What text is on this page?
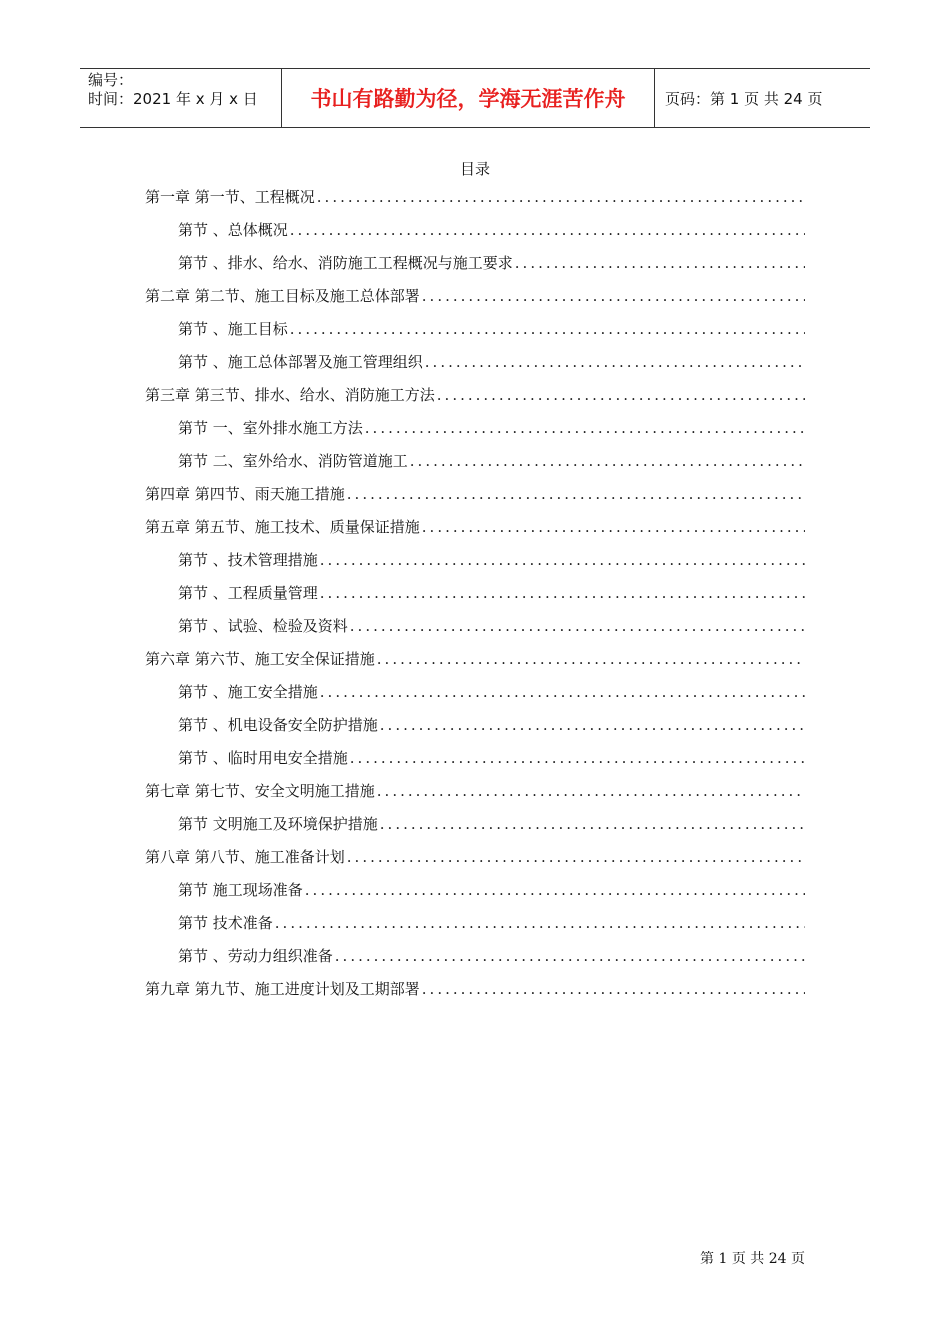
编号：
时间：2021 年 x 月 x 日	书山有路勤为径，学海无涯苦作舟	页码：第 1 页 共 24 页
目录
第一章 第一节、工程概况
.....
第节 、总体概况
.....
第节 、排水、给水、消防施工工程概况与施工要求
.....
第二章 第二节、施工目标及施工总体部署
.....
第节 、施工目标
.....
第节 、施工总体部署及施工管理组织
.....
第三章 第三节、排水、给水、消防施工方法
.....
第节 一、室外排水施工方法
.....
第节 二、室外给水、消防管道施工
.....
第四章 第四节、雨天施工措施
.....
第五章 第五节、施工技术、质量保证措施
.....
第节 、技术管理措施
.....
第节 、工程质量管理
.....
第节 、试验、检验及资料
.....
第六章 第六节、施工安全保证措施
.....
第节 、施工安全措施
.....
第节 、机电设备安全防护措施
.....
第节 、临时用电安全措施
.....
第七章 第七节、安全文明施工措施
.....
第节 文明施工及环境保护措施
.....
第八章 第八节、施工准备计划
.....
第节 施工现场准备
.....
第节 技术准备
.....
第节 、劳动力组织准备
.....
第九章 第九节、施工进度计划及工期部署
.....
第 1 页 共 24 页
